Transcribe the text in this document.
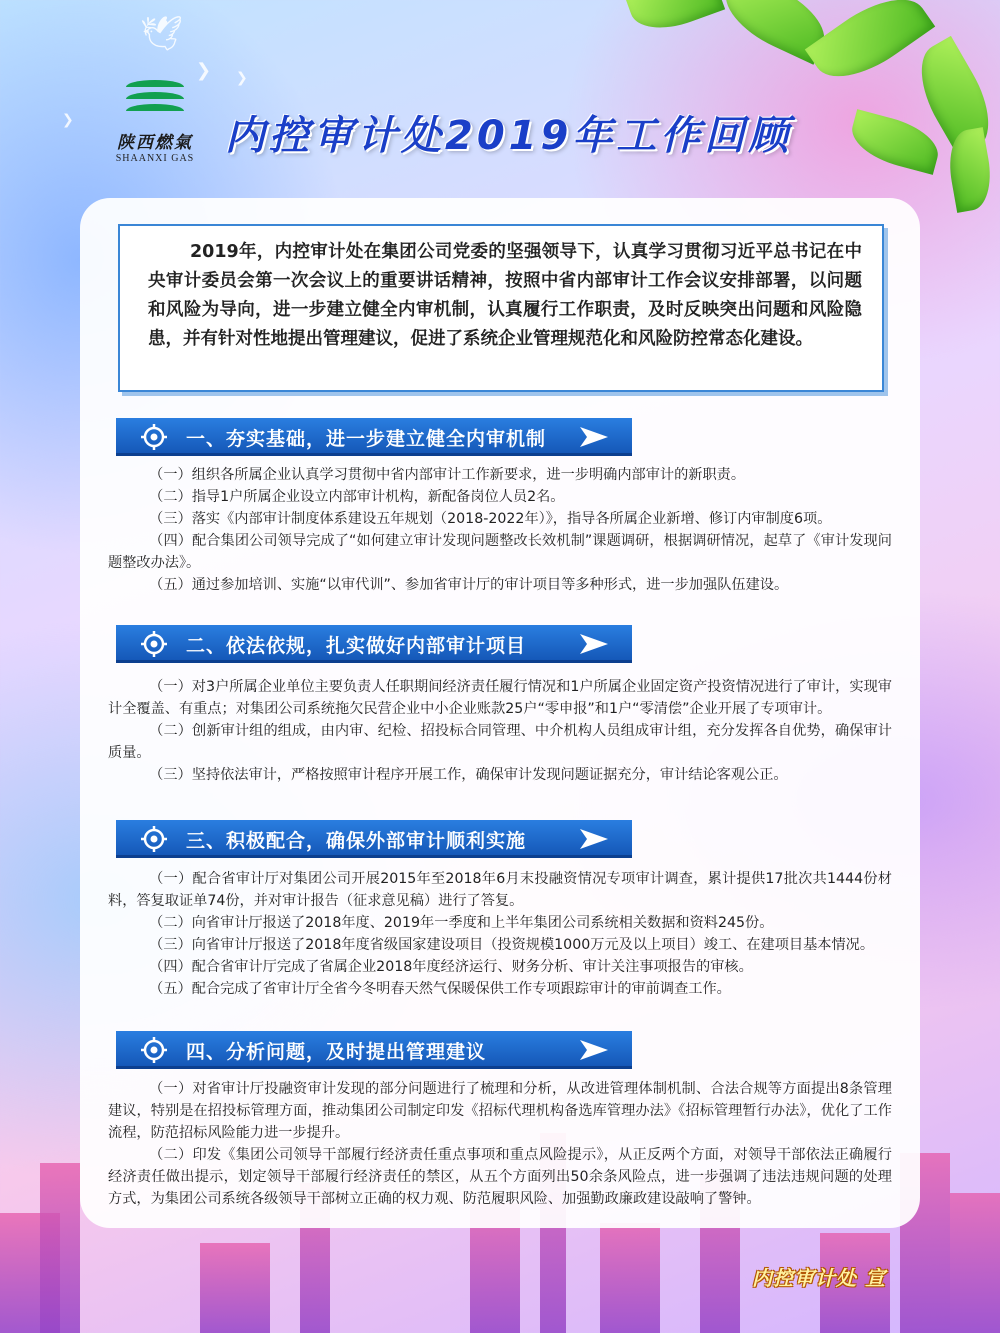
🕊
❯ ❯
❯
陕西燃氣
SHAANXI GAS 内控审计处2019年工作回顾

2019年，内控审计处在集团公司党委的坚强领导下，认真学习贯彻习近平总书记在中央审计委员会第一次会议上的重要讲话精神，按照中省内部审计工作会议安排部署，以问题和风险为导向，进一步建立健全内审机制，认真履行工作职责，及时反映突出问题和风险隐患，并有针对性地提出管理建议，促进了系统企业管理规范化和风险防控常态化建设。

一、夯实基础，进一步建立健全内审机制

（一）组织各所属企业认真学习贯彻中省内部审计工作新要求，进一步明确内部审计的新职责。

（二）指导1户所属企业设立内部审计机构，新配备岗位人员2名。

（三）落实《内部审计制度体系建设五年规划（2018-2022年）》，指导各所属企业新增、修订内审制度6项。

（四）配合集团公司领导完成了“如何建立审计发现问题整改长效机制”课题调研，根据调研情况，起草了《审计发现问题整改办法》。

（五）通过参加培训、实施“以审代训”、参加省审计厅的审计项目等多种形式，进一步加强队伍建设。

二、依法依规，扎实做好内部审计项目

（一）对3户所属企业单位主要负责人任职期间经济责任履行情况和1户所属企业固定资产投资情况进行了审计，实现审计全覆盖、有重点；对集团公司系统拖欠民营企业中小企业账款25户“零申报”和1户“零清偿”企业开展了专项审计。

（二）创新审计组的组成，由内审、纪检、招投标合同管理、中介机构人员组成审计组，充分发挥各自优势，确保审计质量。

（三）坚持依法审计，严格按照审计程序开展工作，确保审计发现问题证据充分，审计结论客观公正。

三、积极配合，确保外部审计顺利实施

（一）配合省审计厅对集团公司开展2015年至2018年6月末投融资情况专项审计调查，累计提供17批次共1444份材料，答复取证单74份，并对审计报告（征求意见稿）进行了答复。

（二）向省审计厅报送了2018年度、2019年一季度和上半年集团公司系统相关数据和资料245份。

（三）向省审计厅报送了2018年度省级国家建设项目（投资规模1000万元及以上项目）竣工、在建项目基本情况。

（四）配合省审计厅完成了省属企业2018年度经济运行、财务分析、审计关注事项报告的审核。

（五）配合完成了省审计厅全省今冬明春天然气保暖保供工作专项跟踪审计的审前调查工作。

四、分析问题，及时提出管理建议

（一）对省审计厅投融资审计发现的部分问题进行了梳理和分析，从改进管理体制机制、合法合规等方面提出8条管理建议，特别是在招投标管理方面，推动集团公司制定印发《招标代理机构备选库管理办法》《招标管理暂行办法》，优化了工作流程，防范招标风险能力进一步提升。

（二）印发《集团公司领导干部履行经济责任重点事项和重点风险提示》，从正反两个方面，对领导干部依法正确履行经济责任做出提示，划定领导干部履行经济责任的禁区，从五个方面列出50余条风险点，进一步强调了违法违规问题的处理方式，为集团公司系统各级领导干部树立正确的权力观、防范履职风险、加强勤政廉政建设敲响了警钟。

内控审计处 宣
